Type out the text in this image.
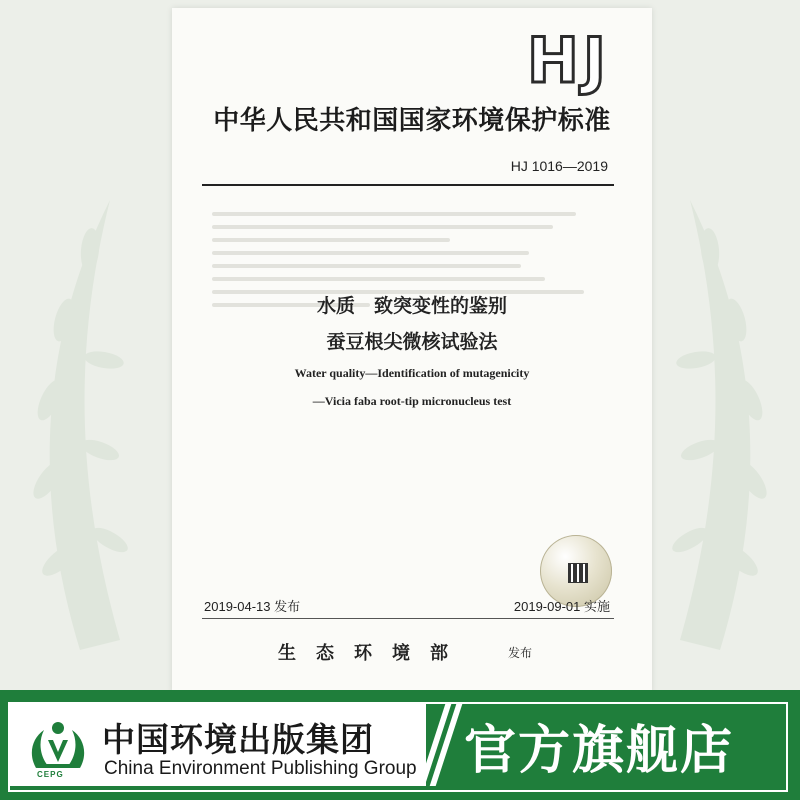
HJ
中华人民共和国国家环境保护标准
HJ 1016—2019
水质　致突变性的鉴别
蚕豆根尖微核试验法
Water quality—Identification of mutagenicity
—Vicia faba root-tip micronucleus test
2019-04-13 发布	2019-09-01 实施
生态环境部	发布
CEPG
中国环境出版集团
China Environment Publishing Group 官方旗舰店
